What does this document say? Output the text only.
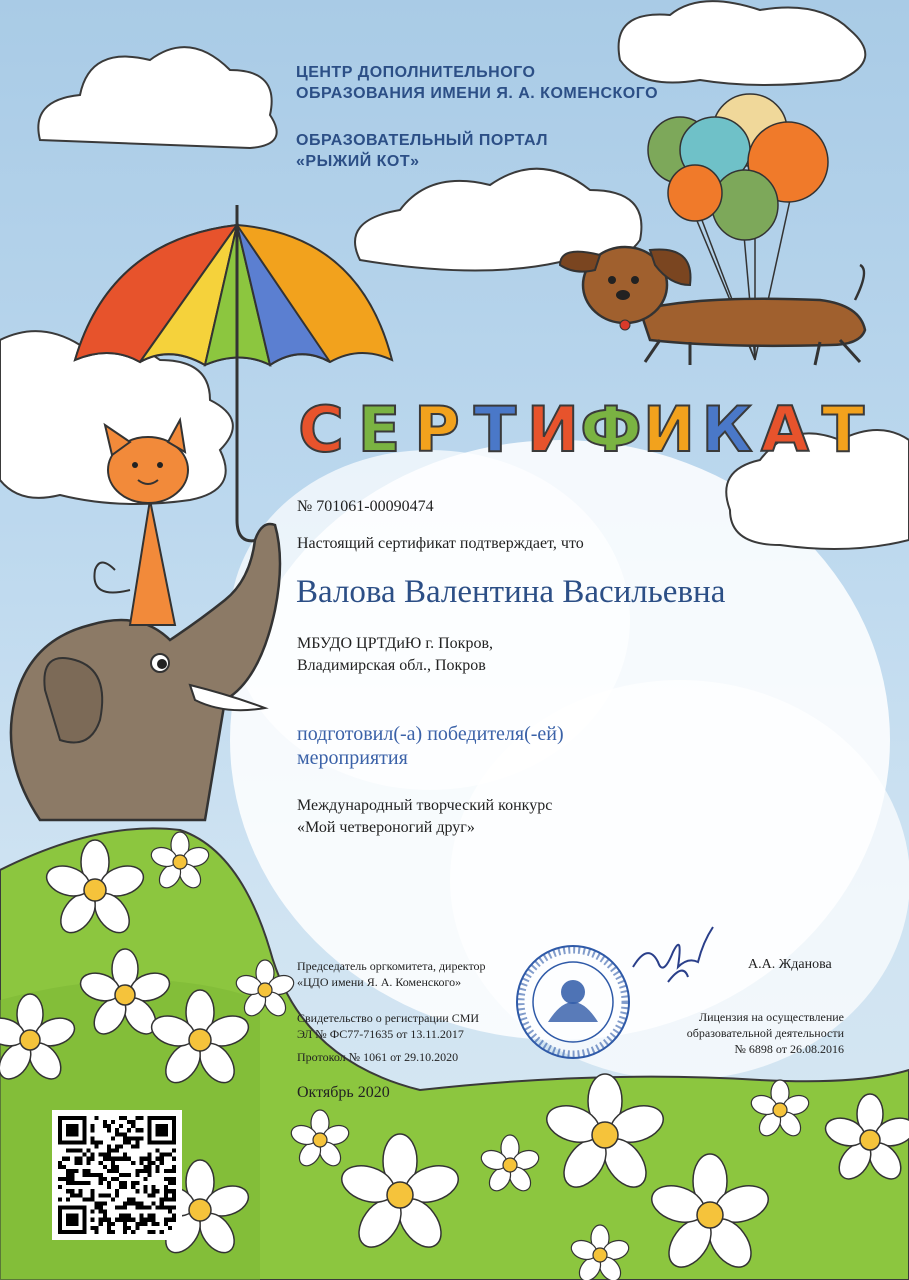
ЦЕНТР ДОПОЛНИТЕЛЬНОГО
ОБРАЗОВАНИЯ ИМЕНИ Я. А. КОМЕНСКОГО
ОБРАЗОВАТЕЛЬНЫЙ ПОРТАЛ
«РЫЖИЙ КОТ»
С Е Р Т И Ф И К А Т
№ 701061-00090474
Настоящий сертификат подтверждает, что
Валова Валентина Васильевна
МБУДО ЦРТДиЮ г. Покров,
Владимирская обл., Покров
подготовил(-а) победителя(-ей)
мероприятия
Международный творческий конкурс
«Мой четвероногий друг»
Председатель оргкомитета, директор
«ЦДО имени Я. А. Коменского»
Свидетельство о регистрации СМИ
ЭЛ № ФС77-71635 от 13.11.2017
Протокол № 1061 от 29.10.2020
Октябрь 2020
А.А. Жданова
Лицензия на осуществление
образовательной деятельности
№ 6898 от 26.08.2016
